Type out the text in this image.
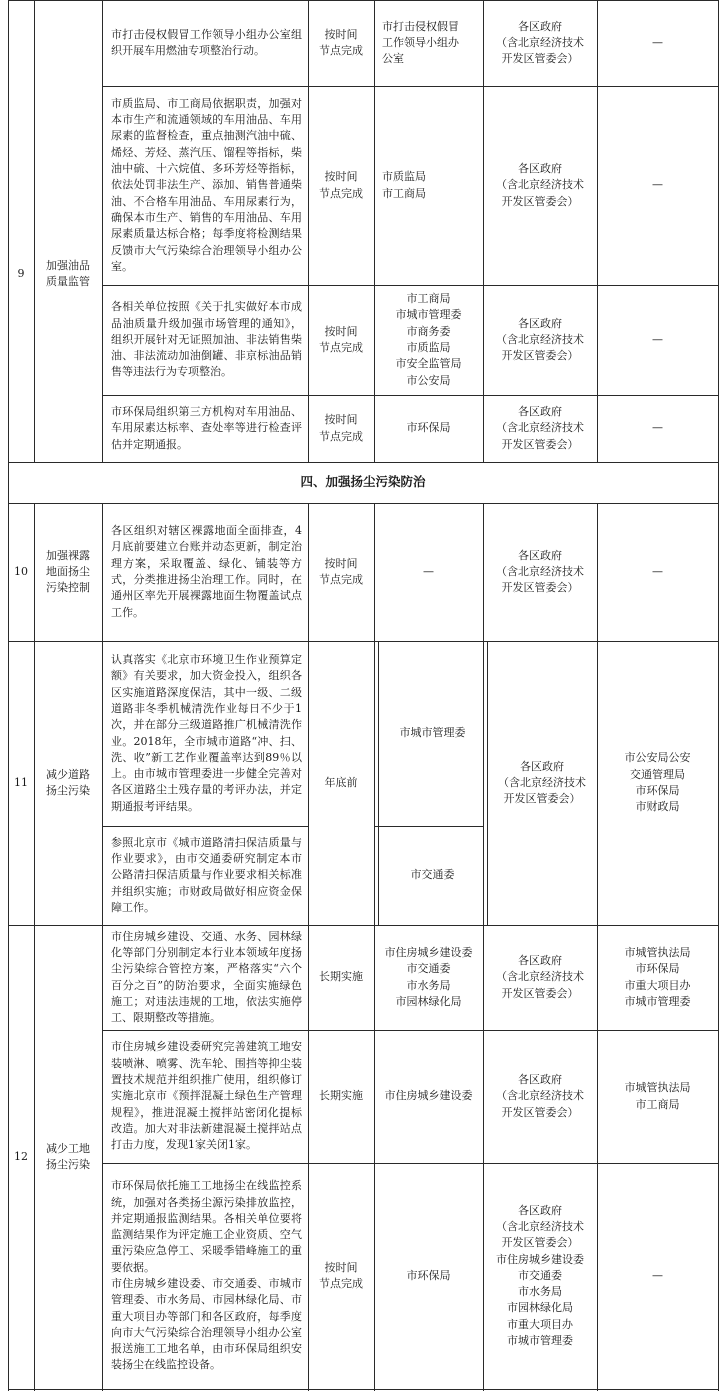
市打击侵权假冒工作领导小组办公室组织开展车用燃油专项整治行动。
按时间
节点完成
市打击侵权假冒
工作领导小组办
公室
各区政府
（含北京经济技术
开发区管委会）
—
9
加强油品
质量监管
市质监局、市工商局依据职责，加强对本市生产和流通领域的车用油品、车用尿素的监督检查，重点抽测汽油中硫、烯烃、芳烃、蒸汽压、馏程等指标，柴油中硫、十六烷值、多环芳烃等指标，依法处罚非法生产、添加、销售普通柴油、不合格车用油品、车用尿素行为，确保本市生产、销售的车用油品、车用尿素质量达标合格；每季度将检测结果反馈市大气污染综合治理领导小组办公室。
按时间
节点完成
市质监局
市工商局
各区政府
（含北京经济技术
开发区管委会）
—
各相关单位按照《关于扎实做好本市成品油质量升级加强市场管理的通知》，组织开展针对无证照加油、非法销售柴油、非法流动加油倒罐、非京标油品销售等违法行为专项整治。
按时间
节点完成
市工商局
市城市管理委
市商务委
市质监局
市安全监管局
市公安局
各区政府
（含北京经济技术
开发区管委会）
—
市环保局组织第三方机构对车用油品、车用尿素达标率、查处率等进行检查评估并定期通报。
按时间
节点完成
市环保局
各区政府
（含北京经济技术
开发区管委会）
—
四、加强扬尘污染防治
10
加强裸露
地面扬尘
污染控制
各区组织对辖区裸露地面全面排查，4月底前要建立台账并动态更新，制定治理方案，采取覆盖、绿化、铺装等方式，分类推进扬尘治理工作。同时，在通州区率先开展裸露地面生物覆盖试点工作。
按时间
节点完成
—
各区政府
（含北京经济技术
开发区管委会）
—
11
减少道路
扬尘污染
认真落实《北京市环境卫生作业预算定额》有关要求，加大资金投入，组织各区实施道路深度保洁，其中一级、二级道路非冬季机械清洗作业每日不少于1次，并在部分三级道路推广机械清洗作业。2018年，全市城市道路“冲、扫、洗、收”新工艺作业覆盖率达到89％以上。由市城市管理委进一步健全完善对各区道路尘土残存量的考评办法，并定期通报考评结果。
参照北京市《城市道路清扫保洁质量与作业要求》，由市交通委研究制定本市公路清扫保洁质量与作业要求相关标准并组织实施；市财政局做好相应资金保障工作。
年底前
市城市管理委
市交通委
各区政府
（含北京经济技术
开发区管委会）
市公安局公安
交通管理局
市环保局
市财政局
12
减少工地
扬尘污染
市住房城乡建设、交通、水务、园林绿化等部门分别制定本行业本领域年度扬尘污染综合管控方案，严格落实“六个百分之百”的防治要求，全面实施绿色施工；对违法违规的工地，依法实施停工、限期整改等措施。
长期实施
市住房城乡建设委
市交通委
市水务局
市园林绿化局
各区政府
（含北京经济技术
开发区管委会）
市城管执法局
市环保局
市重大项目办
市城市管理委
市住房城乡建设委研究完善建筑工地安装喷淋、喷雾、洗车轮、围挡等抑尘装置技术规范并组织推广使用，组织修订实施北京市《预拌混凝土绿色生产管理规程》，推进混凝土搅拌站密闭化提标改造。加大对非法新建混凝土搅拌站点打击力度，发现1家关闭1家。
长期实施	市住房城乡建设委
各区政府
（含北京经济技术
开发区管委会）
市城管执法局
市工商局
市环保局依托施工工地扬尘在线监控系统，加强对各类扬尘源污染排放监控，并定期通报监测结果。各相关单位要将监测结果作为评定施工企业资质、空气重污染应急停工、采暖季错峰施工的重要依据。
市住房城乡建设委、市交通委、市城市管理委、市水务局、市园林绿化局、市重大项目办等部门和各区政府，每季度向市大气污染综合治理领导小组办公室报送施工工地名单，由市环保局组织安装扬尘在线监控设备。
按时间
节点完成
市环保局
各区政府
（含北京经济技术
开发区管委会）
市住房城乡建设委
市交通委
市水务局
市园林绿化局
市重大项目办
市城市管理委
—
